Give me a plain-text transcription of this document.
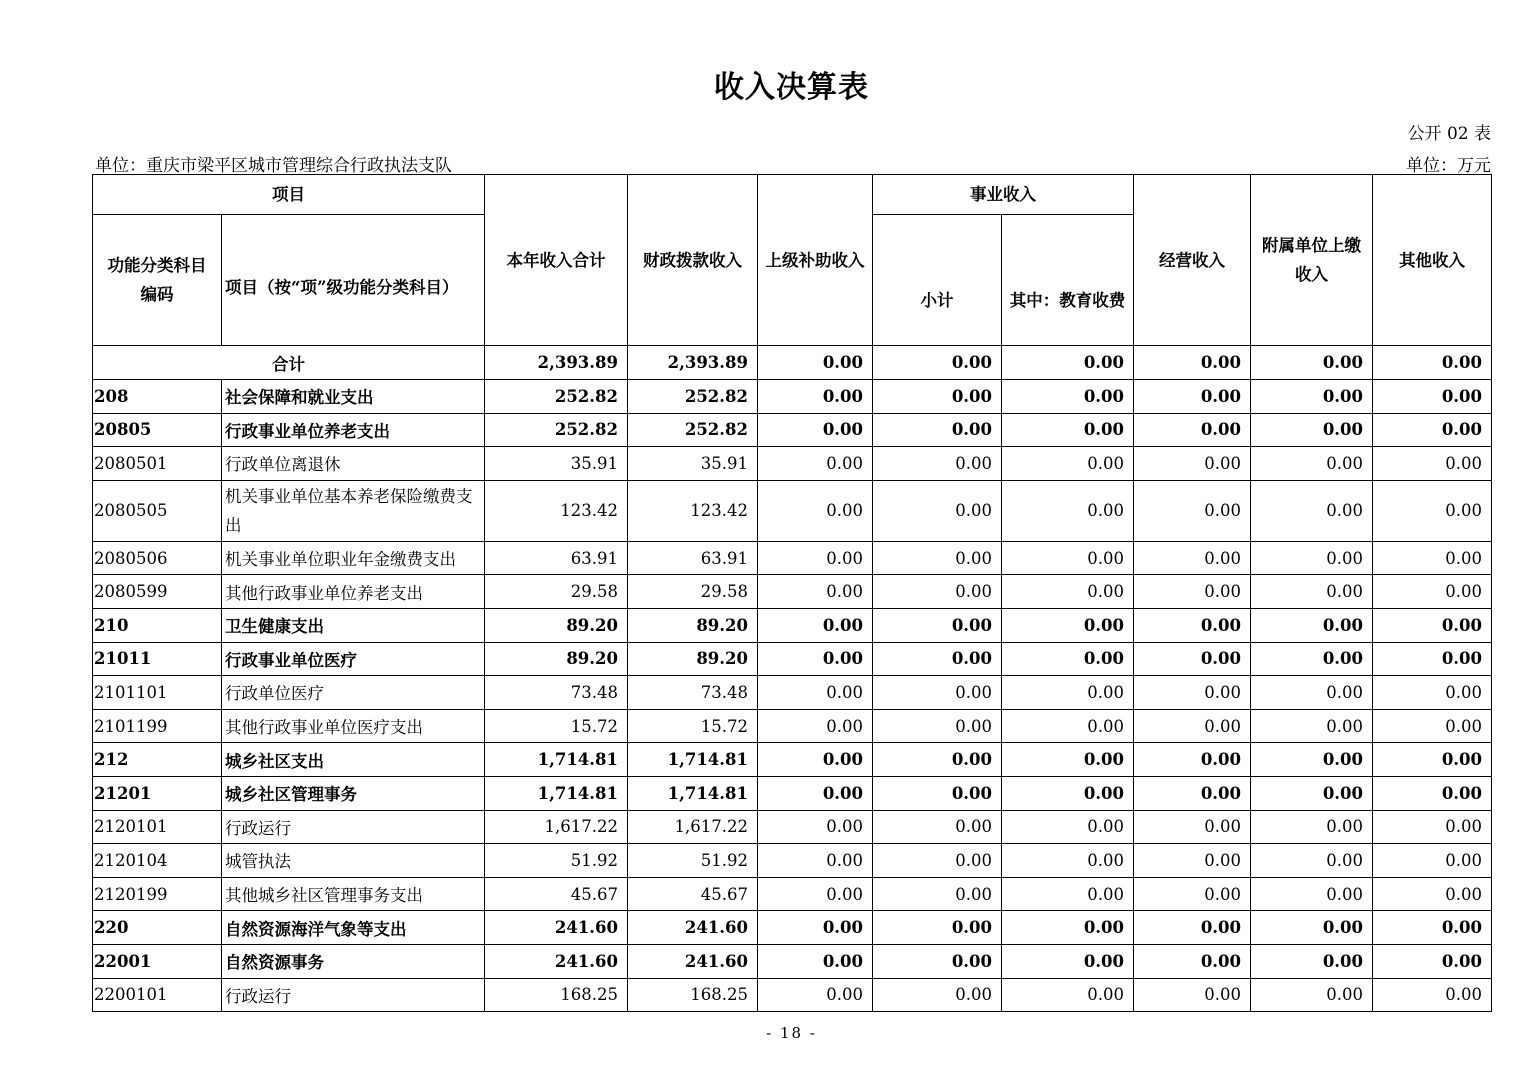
收入决算表
公开 02 表
单位：重庆市梁平区城市管理综合行政执法支队	单位：万元
项目		本年收入合计	财政拨款收入	上级补助收入	事业收入		经营收入	附属单位上缴收入	其他收入
功能分类科目编码	项目（按“项”级功能分类科目）				小计	其中：教育收费			
合计		2,393.89	2,393.89	0.00	0.00	0.00	0.00	0.00	0.00
208	社会保障和就业支出	252.82	252.82	0.00	0.00	0.00	0.00	0.00	0.00
20805	行政事业单位养老支出	252.82	252.82	0.00	0.00	0.00	0.00	0.00	0.00
2080501	行政单位离退休	35.91	35.91	0.00	0.00	0.00	0.00	0.00	0.00
2080505	机关事业单位基本养老保险缴费支出	123.42	123.42	0.00	0.00	0.00	0.00	0.00	0.00
2080506	机关事业单位职业年金缴费支出	63.91	63.91	0.00	0.00	0.00	0.00	0.00	0.00
2080599	其他行政事业单位养老支出	29.58	29.58	0.00	0.00	0.00	0.00	0.00	0.00
210	卫生健康支出	89.20	89.20	0.00	0.00	0.00	0.00	0.00	0.00
21011	行政事业单位医疗	89.20	89.20	0.00	0.00	0.00	0.00	0.00	0.00
2101101	行政单位医疗	73.48	73.48	0.00	0.00	0.00	0.00	0.00	0.00
2101199	其他行政事业单位医疗支出	15.72	15.72	0.00	0.00	0.00	0.00	0.00	0.00
212	城乡社区支出	1,714.81	1,714.81	0.00	0.00	0.00	0.00	0.00	0.00
21201	城乡社区管理事务	1,714.81	1,714.81	0.00	0.00	0.00	0.00	0.00	0.00
2120101	行政运行	1,617.22	1,617.22	0.00	0.00	0.00	0.00	0.00	0.00
2120104	城管执法	51.92	51.92	0.00	0.00	0.00	0.00	0.00	0.00
2120199	其他城乡社区管理事务支出	45.67	45.67	0.00	0.00	0.00	0.00	0.00	0.00
220	自然资源海洋气象等支出	241.60	241.60	0.00	0.00	0.00	0.00	0.00	0.00
22001	自然资源事务	241.60	241.60	0.00	0.00	0.00	0.00	0.00	0.00
2200101	行政运行	168.25	168.25	0.00	0.00	0.00	0.00	0.00	0.00
- 18 -
